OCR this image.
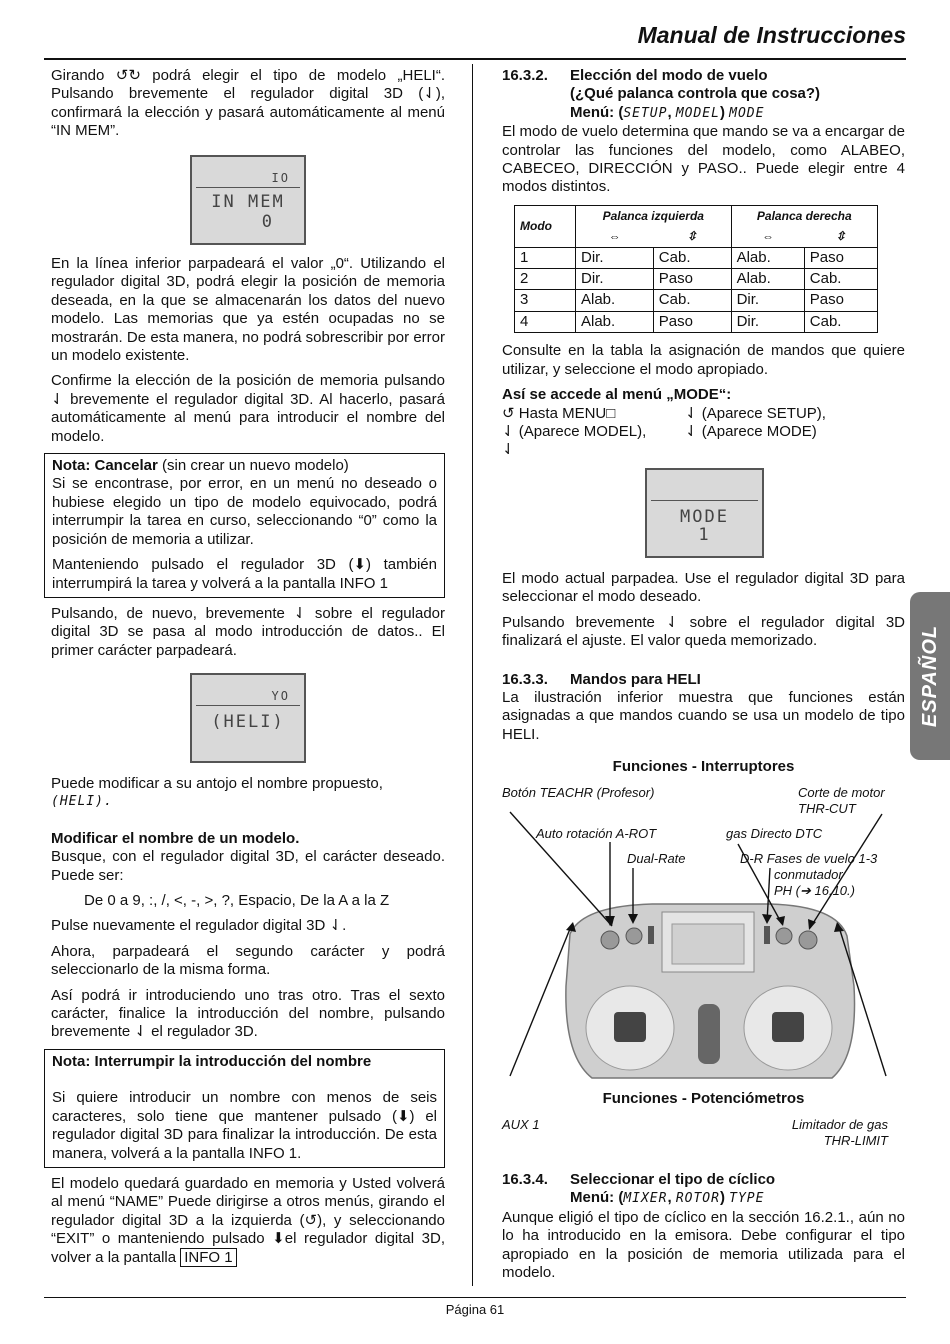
Manual de Instrucciones
ESPAÑOL

Girando ↺↻ podrá elegir el tipo de modelo „HELI“. Pulsando brevemente el regulador digital 3D (⇃), confirmará la elección y pasará automáticamente al menú “IN MEM”.

IO
IN MEM
0

En la línea inferior parpadeará el valor „0“. Utilizando el regulador digital 3D, podrá elegir la posición de memoria deseada, en la que se almacenarán los datos del nuevo modelo. Las memorias que ya estén ocupadas no se mostrarán. De esta manera, no podrá sobrescribir por error un modelo existente.

Confirme la elección de la posición de memoria pulsando ⇃ brevemente el regulador digital 3D. Al hacerlo, pasará automáticamente al menú para introducir el nombre del modelo.

Nota: Cancelar (sin crear un nuevo modelo)

Si se encontrase, por error, en un menú no deseado o hubiese elegido un tipo de modelo equivocado, podrá interrumpir la tarea en curso, seleccionando “0” como la posición de memoria a utilizar.

Manteniendo pulsado el regulador 3D (⬇) también interrumpirá la tarea y volverá a la pantalla INFO 1

Pulsando, de nuevo, brevemente ⇃ sobre el regulador digital 3D se pasa al modo introducción de datos.. El primer carácter parpadeará.

YO
(HELI)

Puede modificar a su antojo el nombre propuesto,

(HELI).

Modificar el nombre de un modelo.

Busque, con el regulador digital 3D, el carácter deseado. Puede ser:

De 0 a 9, :, /, <, -, >, ?, Espacio, De la A a la Z

Pulse nuevamente el regulador digital 3D ⇃.

Ahora, parpadeará el segundo carácter y podrá seleccionarlo de la misma forma.

Así podrá ir introduciendo uno tras otro. Tras el sexto carácter, finalice la introducción del nombre, pulsando brevemente ⇃ el regulador 3D.

Nota: Interrumpir la introducción del nombre

Si quiere introducir un nombre con menos de seis caracteres, solo tiene que mantener pulsado (⬇) el regulador digital 3D para finalizar la introducción. De esta manera, volverá a la pantalla INFO 1.

El modelo quedará guardado en memoria y Usted volverá al menú “NAME” Puede dirigirse a otros menús, girando el regulador digital 3D a la izquierda (↺), y seleccionando “EXIT” o manteniendo pulsado ⬇el regulador digital 3D, volver a la pantalla INFO 1

16.3.2. Elección del modo de vuelo
(¿Qué palanca controla que cosa?)
Menú: (SETUP, MODEL) MODE

El modo de vuelo determina que mando se va a encargar de controlar las funciones del modelo, como ALABEO, CABECEO, DIRECCIÓN y PASO.. Puede elegir entre 4 modos distintos.

Modo	Palanca izquierda		Palanca derecha	
	⇔	⇳	⇔	⇳
1	Dir.	Cab.	Alab.	Paso
2	Dir.	Paso	Alab.	Cab.
3	Alab.	Cab.	Dir.	Paso
4	Alab.	Paso	Dir.	Cab.

Consulte en la tabla la asignación de mandos que quiere utilizar, y seleccione el modo apropiado.

Así se accede al menú „MODE“:
↺ Hasta MENU□	⇃ (Aparece SETUP),
⇃ (Aparece MODEL),	⇃ (Aparece MODE)
⇃
MODE
1

El modo actual parpadea. Use el regulador digital 3D para seleccionar el modo deseado.

Pulsando brevemente ⇃ sobre el regulador digital 3D finalizará el ajuste. El valor queda memorizado.

16.3.3. Mandos para HELI

La ilustración inferior muestra que funciones están asignadas a que mandos cuando se usa un modelo de tipo HELI.

Funciones - Interruptores
Botón TEACHR (Profesor)	Corte de motor
THR-CUT
Auto rotación A-ROT	gas Directo DTC
Dual-Rate	D-R Fases de vuelo 1-3
conmutador
PH (➔ 16.10.)
Funciones - Potenciómetros
AUX 1	Limitador de gas
THR-LIMIT
16.3.4. Seleccionar el tipo de cíclico
Menú: (MIXER, ROTOR) TYPE

Aunque eligió el tipo de cíclico en la sección 16.2.1., aún no lo ha introducido en la emisora. Debe configurar el tipo apropiado en la posición de memoria utilizada para el modelo.

Página 61
